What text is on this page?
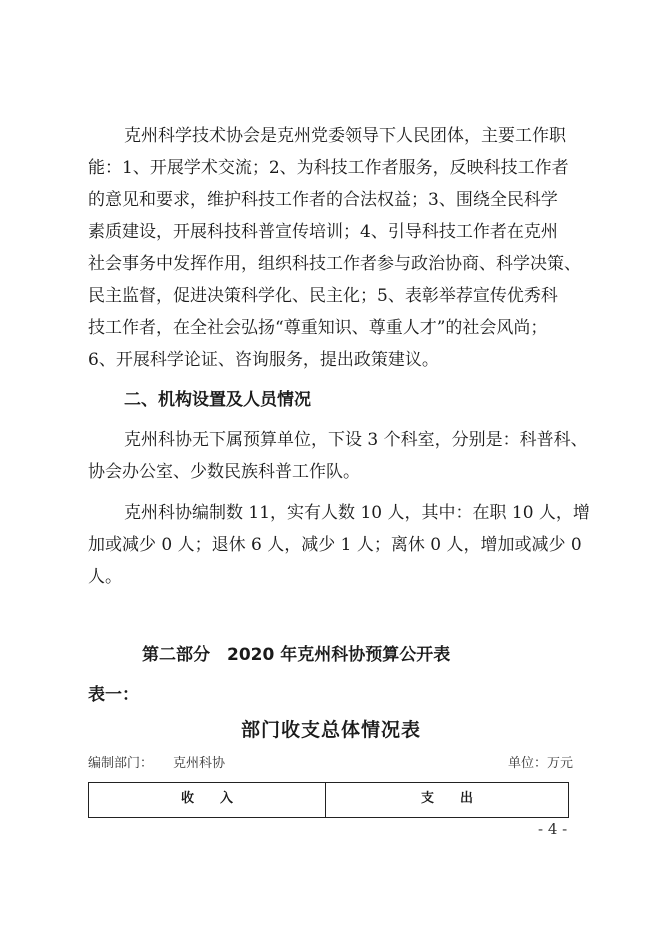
克州科学技术协会是克州党委领导下人民团体，主要工作职
能：1、开展学术交流；2、为科技工作者服务，反映科技工作者
的意见和要求，维护科技工作者的合法权益；3、围绕全民科学
素质建设，开展科技科普宣传培训；4、引导科技工作者在克州
社会事务中发挥作用，组织科技工作者参与政治协商、科学决策、
民主监督，促进决策科学化、民主化；5、表彰举荐宣传优秀科
技工作者，在全社会弘扬“尊重知识、尊重人才”的社会风尚；
6、开展科学论证、咨询服务，提出政策建议。
二、机构设置及人员情况
克州科协无下属预算单位，下设 3 个科室，分别是：科普科、
协会办公室、少数民族科普工作队。
克州科协编制数 11，实有人数 10 人，其中：在职 10 人，增
加或减少 0 人；退休 6 人，减少 1 人；离休 0 人，增加或减少 0
人。
第二部分　2020 年克州科协预算公开表
表一：
部门收支总体情况表
编制部门： 克州科协	单位：万元
收　　入	支　　出
- 4 -
